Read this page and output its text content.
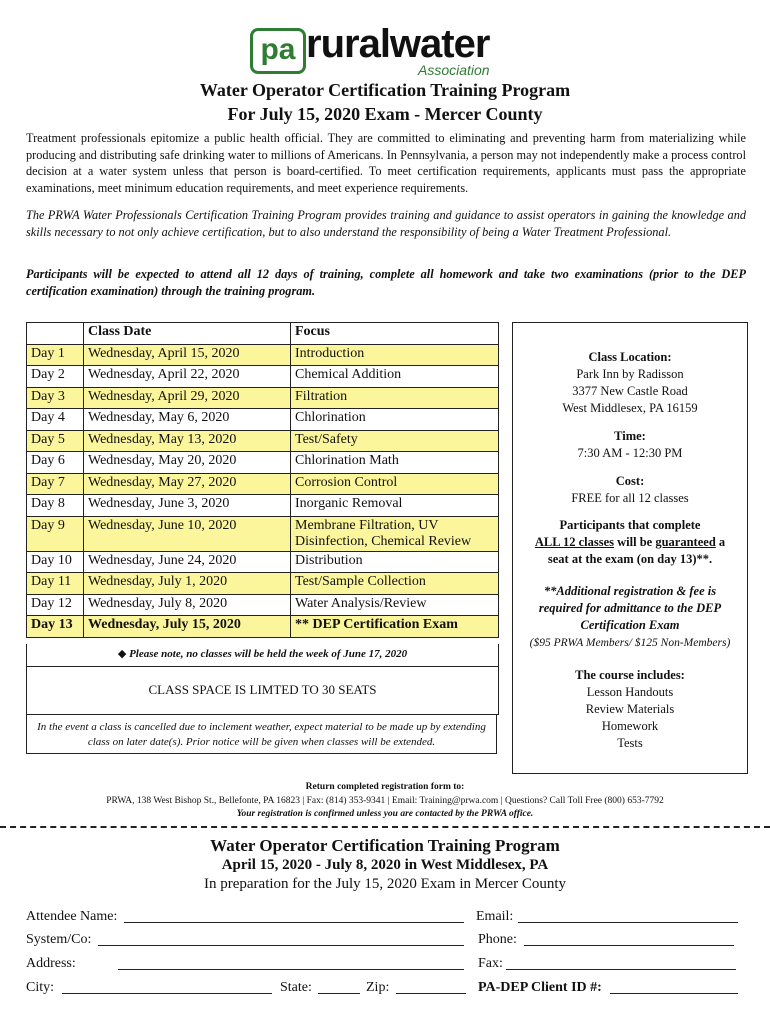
pa ruralwater
Association
Water Operator Certification Training Program
For July 15, 2020 Exam - Mercer County
Treatment professionals epitomize a public health official. They are committed to eliminating and preventing harm from materializing while producing and distributing safe drinking water to millions of Americans. In Pennsylvania, a person may not independently make a process control decision at a water system unless that person is board-certified. To meet certification requirements, applicants must pass the appropriate examinations, meet minimum education requirements, and meet experience requirements.
The PRWA Water Professionals Certification Training Program provides training and guidance to assist operators in gaining the knowledge and skills necessary to not only achieve certification, but to also understand the responsibility of being a Water Treatment Professional.
Participants will be expected to attend all 12 days of training, complete all homework and take two examinations (prior to the DEP certification examination) through the training program.
	Class Date	Focus
Day 1	Wednesday, April 15, 2020	Introduction
Day 2	Wednesday, April 22, 2020	Chemical Addition
Day 3	Wednesday, April 29, 2020	Filtration
Day 4	Wednesday, May 6, 2020	Chlorination
Day 5	Wednesday, May 13, 2020	Test/Safety
Day 6	Wednesday, May 20, 2020	Chlorination Math
Day 7	Wednesday, May 27, 2020	Corrosion Control
Day 8	Wednesday, June 3, 2020	Inorganic Removal
Day 9	Wednesday, June 10, 2020	Membrane Filtration, UV Disinfection, Chemical Review
Day 10	Wednesday, June 24, 2020	Distribution
Day 11	Wednesday, July 1, 2020	Test/Sample Collection
Day 12	Wednesday, July 8, 2020	Water Analysis/Review
Day 13	Wednesday, July 15, 2020	** DEP Certification Exam
◆ Please note, no classes will be held the week of June 17, 2020
CLASS SPACE IS LIMTED TO 30 SEATS
In the event a class is cancelled due to inclement weather, expect material to be made up by extending class on later date(s). Prior notice will be given when classes will be extended.
Class Location:
Park Inn by Radisson
3377 New Castle Road
West Middlesex, PA 16159
Time:
7:30 AM - 12:30 PM
Cost:
FREE for all 12 classes
Participants that complete
ALL 12 classes will be guaranteed a
seat at the exam (on day 13)**.
**Additional registration & fee is required for admittance to the DEP Certification Exam
($95 PRWA Members/ $125 Non-Members)
The course includes:
Lesson Handouts
Review Materials
Homework
Tests
Return completed registration form to:
PRWA, 138 West Bishop St., Bellefonte, PA 16823 | Fax: (814) 353-9341 | Email: Training@prwa.com | Questions? Call Toll Free (800) 653-7792
Your registration is confirmed unless you are contacted by the PRWA office.
Water Operator Certification Training Program
April 15, 2020 - July 8, 2020 in West Middlesex, PA
In preparation for the July 15, 2020 Exam in Mercer County
Attendee Name:	Email:
System/Co:	Phone:
Address:	Fax:
City:	State:	Zip:	PA-DEP Client ID #:
